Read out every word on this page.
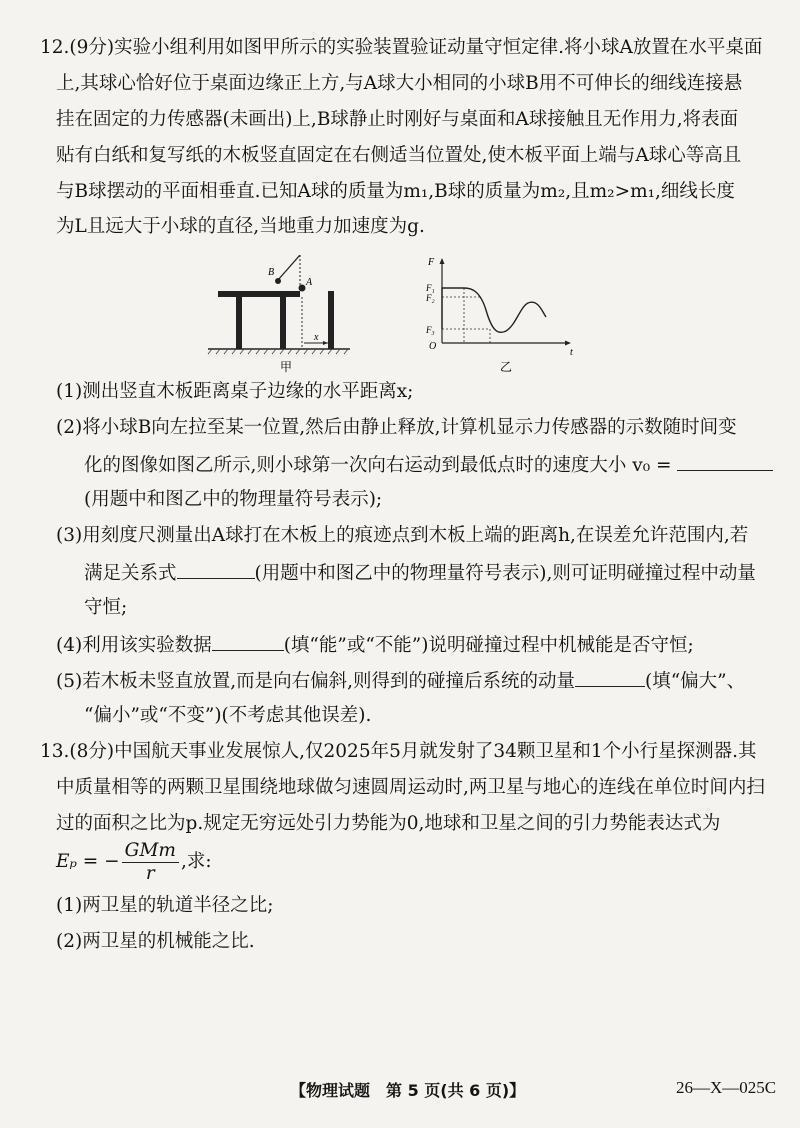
12.(9分)实验小组利用如图甲所示的实验装置验证动量守恒定律.将小球A放置在水平桌面
上,其球心恰好位于桌面边缘正上方,与A球大小相同的小球B用不可伸长的细线连接悬
挂在固定的力传感器(未画出)上,B球静止时刚好与桌面和A球接触且无作用力,将表面
贴有白纸和复写纸的木板竖直固定在右侧适当位置处,使木板平面上端与A球心等高且
与B球摆动的平面相垂直.已知A球的质量为m₁,B球的质量为m₂,且m₂>m₁,细线长度
为L且远大于小球的直径,当地重力加速度为g.
B
A
x
甲
F
t
O
F₁
F₂
F₃
乙
(1)测出竖直木板距离桌子边缘的水平距离x;
(2)将小球B向左拉至某一位置,然后由静止释放,计算机显示力传感器的示数随时间变
化的图像如图乙所示,则小球第一次向右运动到最低点时的速度大小 v₀ =
(用题中和图乙中的物理量符号表示);
(3)用刻度尺测量出A球打在木板上的痕迹点到木板上端的距离h,在误差允许范围内,若
满足关系式	(用题中和图乙中的物理量符号表示),则可证明碰撞过程中动量
守恒;
(4)利用该实验数据	(填“能”或“不能”)说明碰撞过程中机械能是否守恒;
(5)若木板未竖直放置,而是向右偏斜,则得到的碰撞后系统的动量	(填“偏大”、
“偏小”或“不变”)(不考虑其他误差).
13.(8分)中国航天事业发展惊人,仅2025年5月就发射了34颗卫星和1个小行星探测器.其
中质量相等的两颗卫星围绕地球做匀速圆周运动时,两卫星与地心的连线在单位时间内扫
过的面积之比为p.规定无穷远处引力势能为0,地球和卫星之间的引力势能表达式为
Eₚ = − $\frac{\text{GMm}}{r}$ ,求:
(1)两卫星的轨道半径之比;
(2)两卫星的机械能之比.
【物理试题　第 5 页(共 6 页)】	26—X—025C
